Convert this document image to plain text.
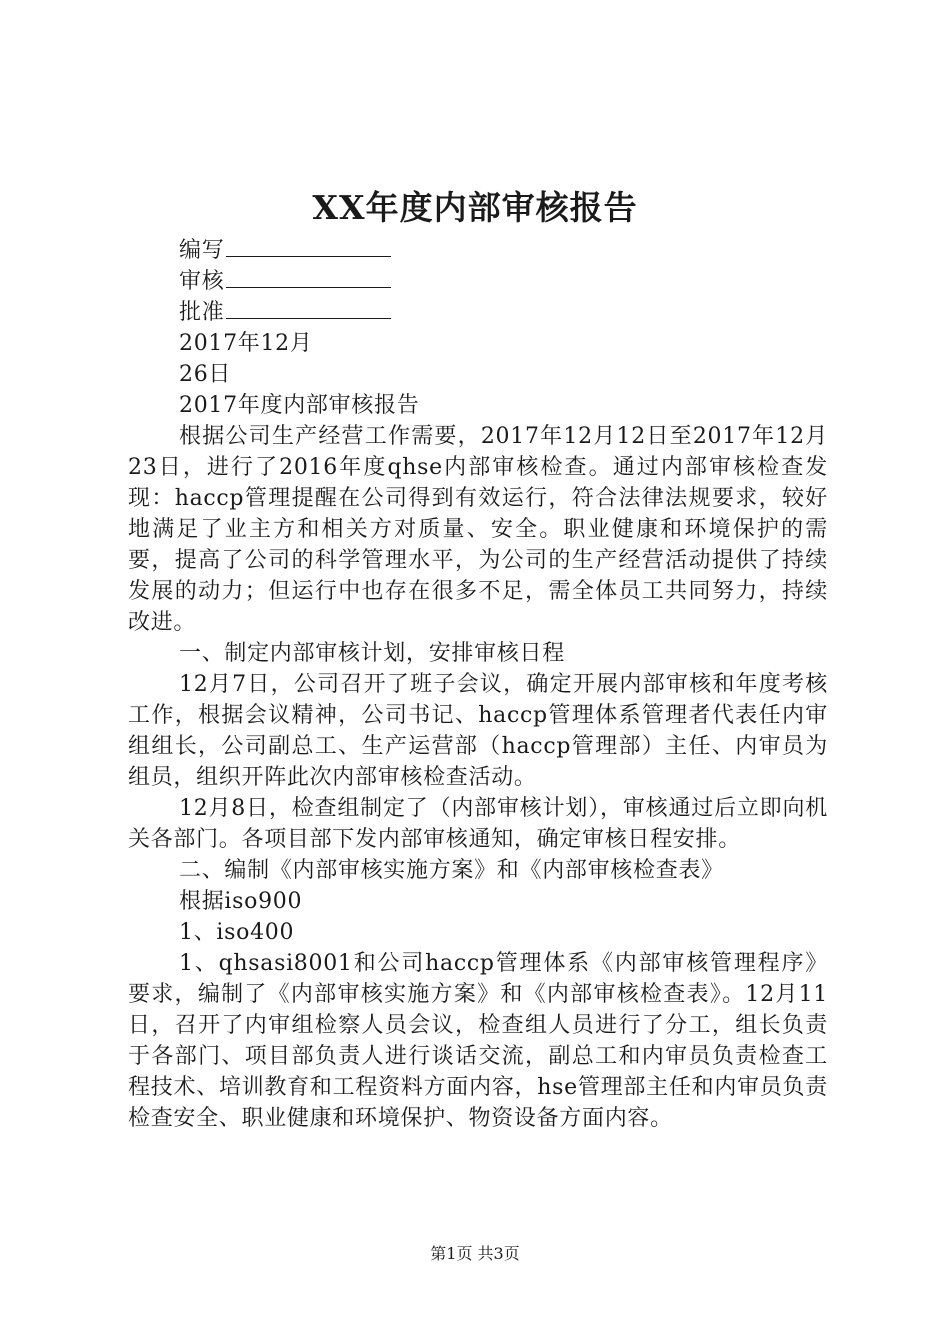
XX年度内部审核报告
编写
审核
批准
2017年12月
26日
2017年度内部审核报告

根据公司生产经营工作需要，2017年12月12日至2017年12月23日，进行了2016年度qhse内部审核检查。通过内部审核检查发现：haccp管理提醒在公司得到有效运行，符合法律法规要求，较好地满足了业主方和相关方对质量、安全。职业健康和环境保护的需要，提高了公司的科学管理水平，为公司的生产经营活动提供了持续发展的动力；但运行中也存在很多不足，需全体员工共同努力，持续改进。

一、制定内部审核计划，安排审核日程

12月7日，公司召开了班子会议，确定开展内部审核和年度考核工作，根据会议精神，公司书记、haccp管理体系管理者代表任内审组组长，公司副总工、生产运营部（haccp管理部）主任、内审员为组员，组织开阵此次内部审核检查活动。

12月8日，检查组制定了（内部审核计划），审核通过后立即向机关各部门。各项目部下发内部审核通知，确定审核日程安排。

二、编制《内部审核实施方案》和《内部审核检查表》

根据iso900

1、iso400

1、qhsasi8001和公司haccp管理体系《内部审核管理程序》要求，编制了《内部审核实施方案》和《内部审核检查表》。12月11日，召开了内审组检察人员会议，检查组人员进行了分工，组长负责于各部门、项目部负责人进行谈话交流，副总工和内审员负责检查工程技术、培训教育和工程资料方面内容，hse管理部主任和内审员负责检查安全、职业健康和环境保护、物资设备方面内容。

第1页 共3页
